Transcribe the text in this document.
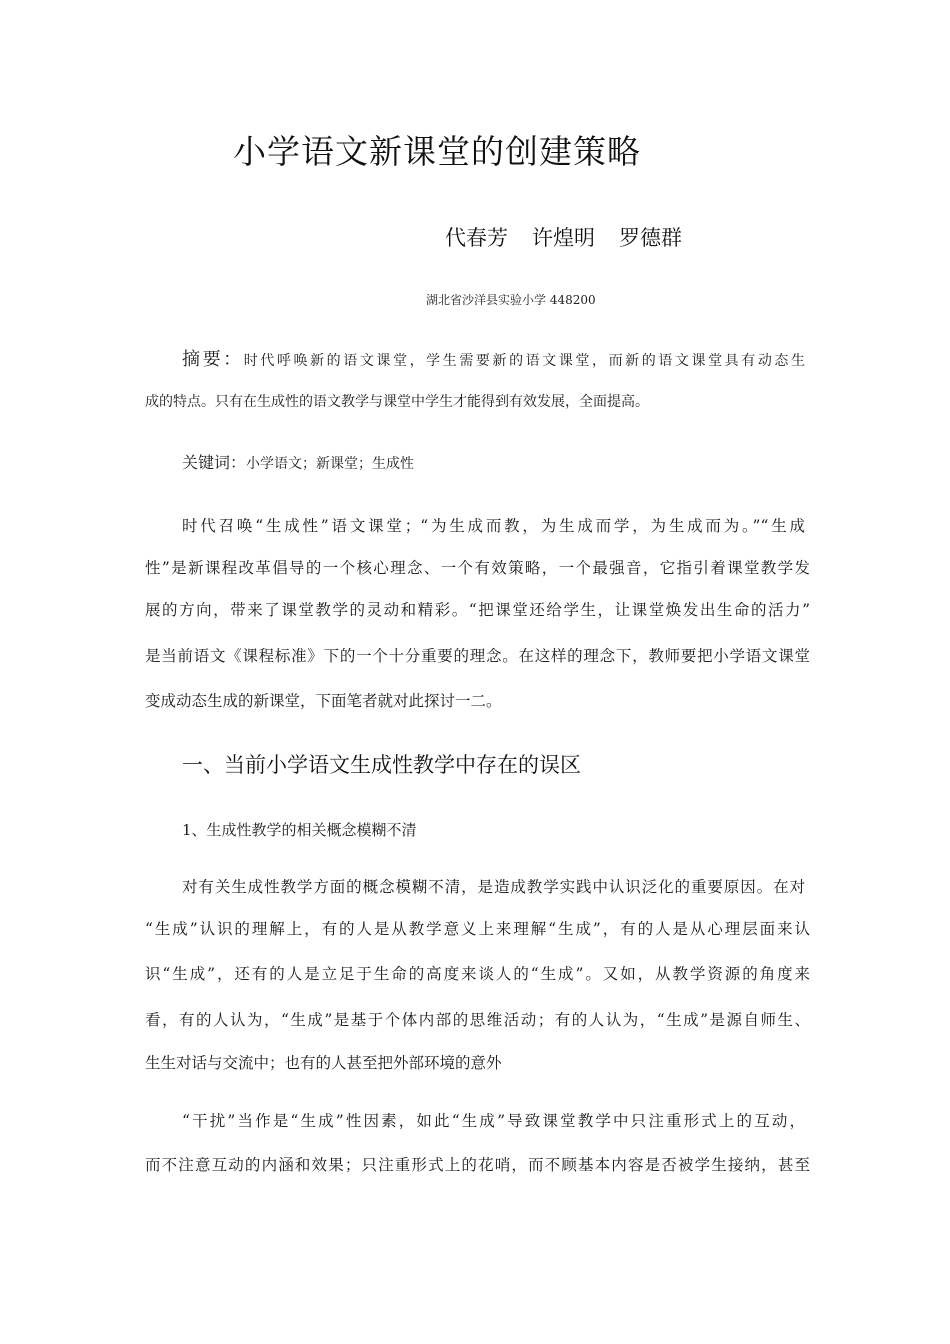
小学语文新课堂的创建策略
代春芳 许煌明 罗德群
湖北省沙洋县实验小学 448200
摘要：时代呼唤新的语文课堂，学生需要新的语文课堂，而新的语文课堂具有动态生
成的特点。只有在生成性的语文教学与课堂中学生才能得到有效发展，全面提高。
关键词：小学语文；新课堂；生成性
时代召唤“生成性”语文课堂；“为生成而教，为生成而学，为生成而为。”“生成
性”是新课程改革倡导的一个核心理念、一个有效策略，一个最强音，它指引着课堂教学发
展的方向，带来了课堂教学的灵动和精彩。“把课堂还给学生，让课堂焕发出生命的活力”
是当前语文《课程标准》下的一个十分重要的理念。在这样的理念下，教师要把小学语文课堂
变成动态生成的新课堂，下面笔者就对此探讨一二。
一、当前小学语文生成性教学中存在的误区
1、生成性教学的相关概念模糊不清
对有关生成性教学方面的概念模糊不清，是造成教学实践中认识泛化的重要原因。在对
“生成”认识的理解上，有的人是从教学意义上来理解“生成”，有的人是从心理层面来认
识“生成”，还有的人是立足于生命的高度来谈人的“生成”。又如，从教学资源的角度来
看，有的人认为，“生成”是基于个体内部的思维活动；有的人认为，“生成”是源自师生、
生生对话与交流中；也有的人甚至把外部环境的意外
“干扰”当作是“生成”性因素，如此“生成”导致课堂教学中只注重形式上的互动，
而不注意互动的内涵和效果；只注重形式上的花哨，而不顾基本内容是否被学生接纳，甚至
